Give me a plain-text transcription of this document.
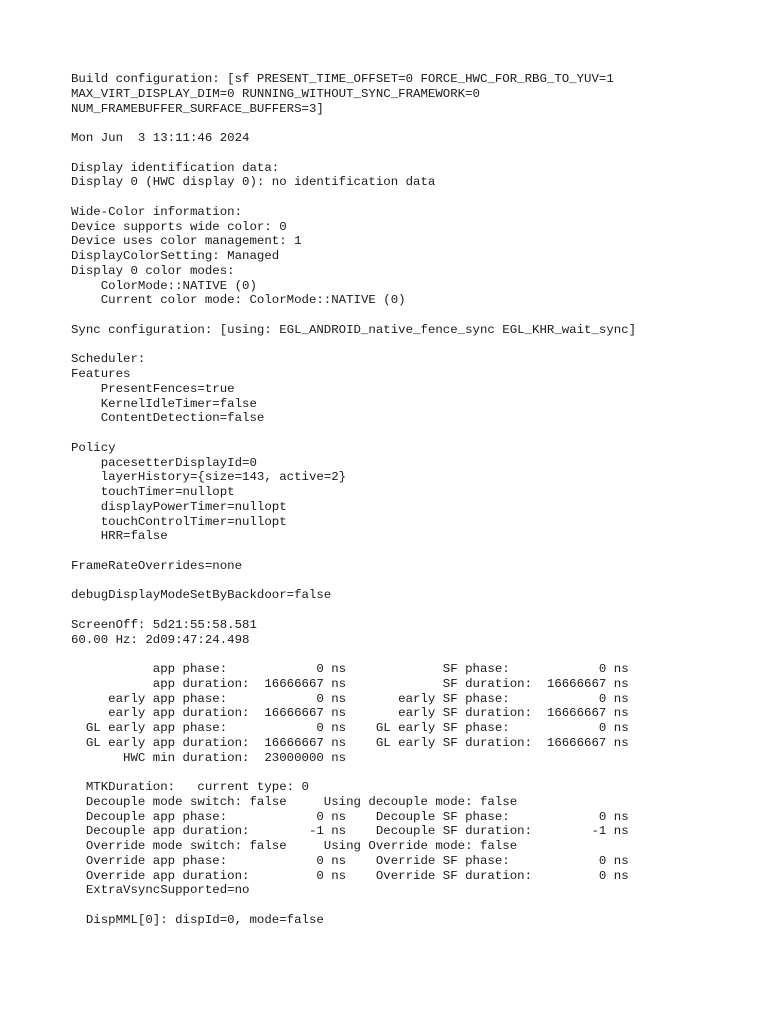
Build configuration: [sf PRESENT_TIME_OFFSET=0 FORCE_HWC_FOR_RBG_TO_YUV=1
MAX_VIRT_DISPLAY_DIM=0 RUNNING_WITHOUT_SYNC_FRAMEWORK=0
NUM_FRAMEBUFFER_SURFACE_BUFFERS=3]

Mon Jun  3 13:11:46 2024

Display identification data:
Display 0 (HWC display 0): no identification data

Wide-Color information:
Device supports wide color: 0
Device uses color management: 1
DisplayColorSetting: Managed
Display 0 color modes:
ColorMode::NATIVE (0)
Current color mode: ColorMode::NATIVE (0)

Sync configuration: [using: EGL_ANDROID_native_fence_sync EGL_KHR_wait_sync]

Scheduler:
Features
PresentFences=true
KernelIdleTimer=false
ContentDetection=false

Policy
pacesetterDisplayId=0
layerHistory={size=143, active=2}
touchTimer=nullopt
displayPowerTimer=nullopt
touchControlTimer=nullopt
HRR=false

FrameRateOverrides=none

debugDisplayModeSetByBackdoor=false

ScreenOff: 5d21:55:58.581
60.00 Hz: 2d09:47:24.498

app phase:            0 ns             SF phase:            0 ns
app duration:  16666667 ns             SF duration:  16666667 ns
early app phase:            0 ns       early SF phase:            0 ns
early app duration:  16666667 ns       early SF duration:  16666667 ns
GL early app phase:            0 ns    GL early SF phase:            0 ns
GL early app duration:  16666667 ns    GL early SF duration:  16666667 ns
HWC min duration:  23000000 ns

MTKDuration:   current type: 0
Decouple mode switch: false     Using decouple mode: false
Decouple app phase:            0 ns    Decouple SF phase:            0 ns
Decouple app duration:        -1 ns    Decouple SF duration:        -1 ns
Override mode switch: false     Using Override mode: false
Override app phase:            0 ns    Override SF phase:            0 ns
Override app duration:         0 ns    Override SF duration:         0 ns
ExtraVsyncSupported=no

DispMML[0]: dispId=0, mode=false
